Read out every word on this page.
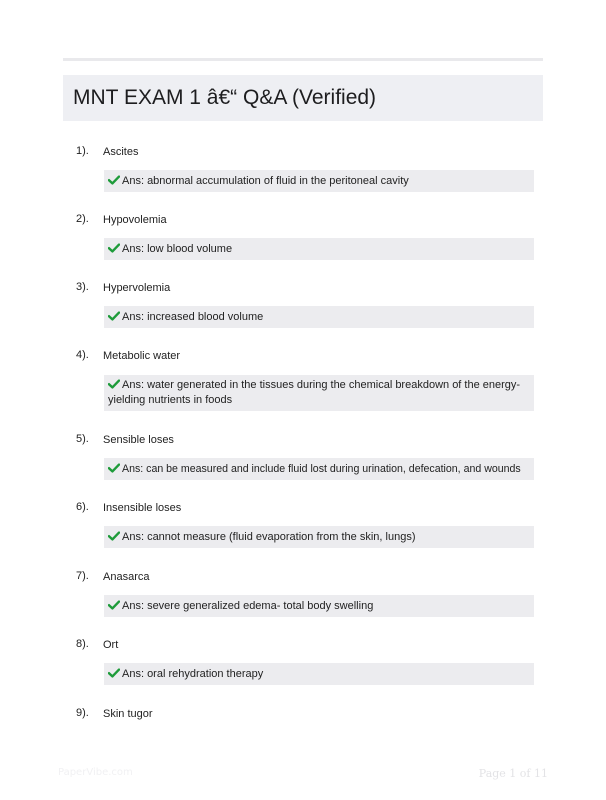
MNT EXAM 1 â€“ Q&A (Verified)
1). Ascites
Ans: abnormal accumulation of fluid in the peritoneal cavity
2). Hypovolemia
Ans: low blood volume
3). Hypervolemia
Ans: increased blood volume
4). Metabolic water
Ans: water generated in the tissues during the chemical breakdown of the energy-yielding nutrients in foods
5). Sensible loses
Ans: can be measured and include fluid lost during urination, defecation, and wounds
6). Insensible loses
Ans: cannot measure (fluid evaporation from the skin, lungs)
7). Anasarca
Ans: severe generalized edema- total body swelling
8). Ort
Ans: oral rehydration therapy
9). Skin tugor
PaperVibe.com	Page 1 of 11
